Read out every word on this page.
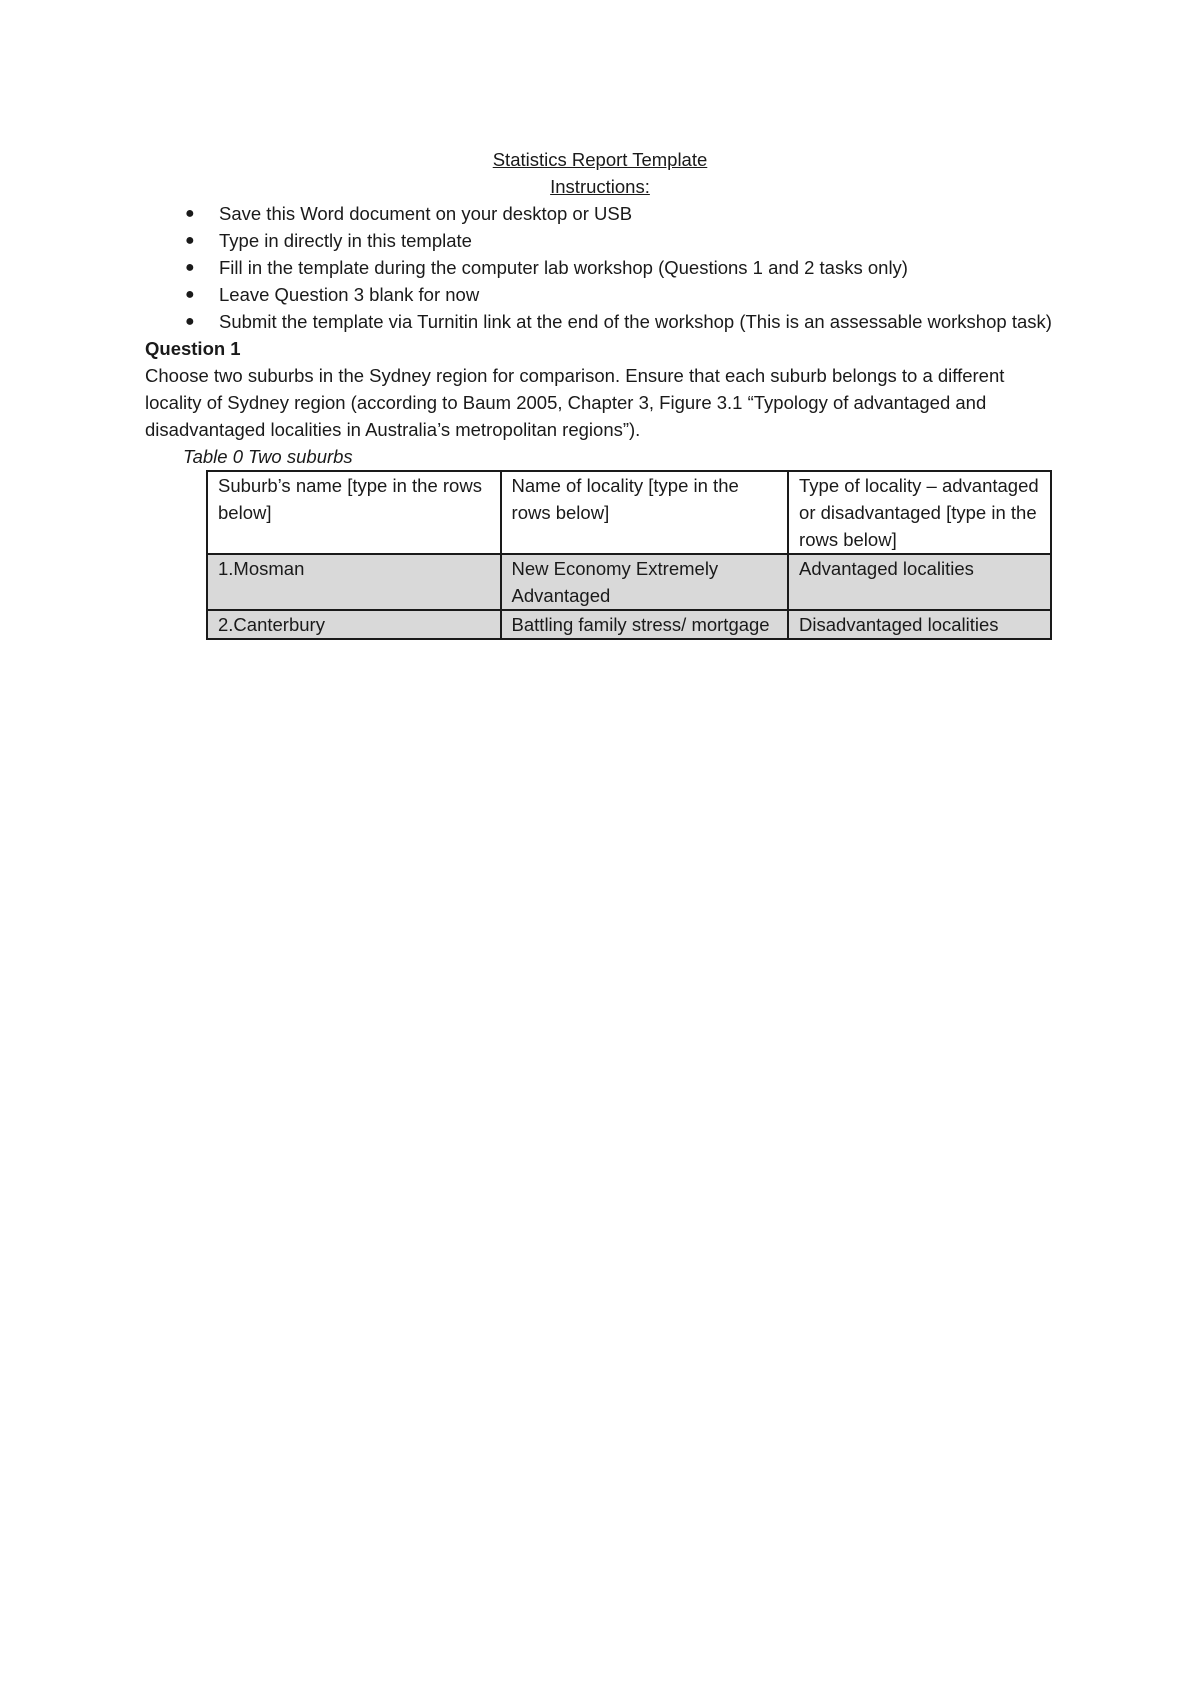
Statistics Report Template

Instructions:

● Save this Word document on your desktop or USB
● Type in directly in this template
● Fill in the template during the computer lab workshop (Questions 1 and 2 tasks only)
● Leave Question 3 blank for now
● Submit the template via Turnitin link at the end of the workshop (This is an assessable workshop task)

Question 1

Choose two suburbs in the Sydney region for comparison. Ensure that each suburb belongs to a different locality of Sydney region (according to Baum 2005, Chapter 3, Figure 3.1 “Typology of advantaged and disadvantaged localities in Australia’s metropolitan regions”).

Table 0 Two suburbs

Suburb’s name [type in the rows below]	Name of locality [type in the rows below]	Type of locality – advantaged or disadvantaged [type in the rows below]
1.Mosman	New Economy Extremely Advantaged	Advantaged localities
2.Canterbury	Battling family stress/ mortgage	Disadvantaged localities
